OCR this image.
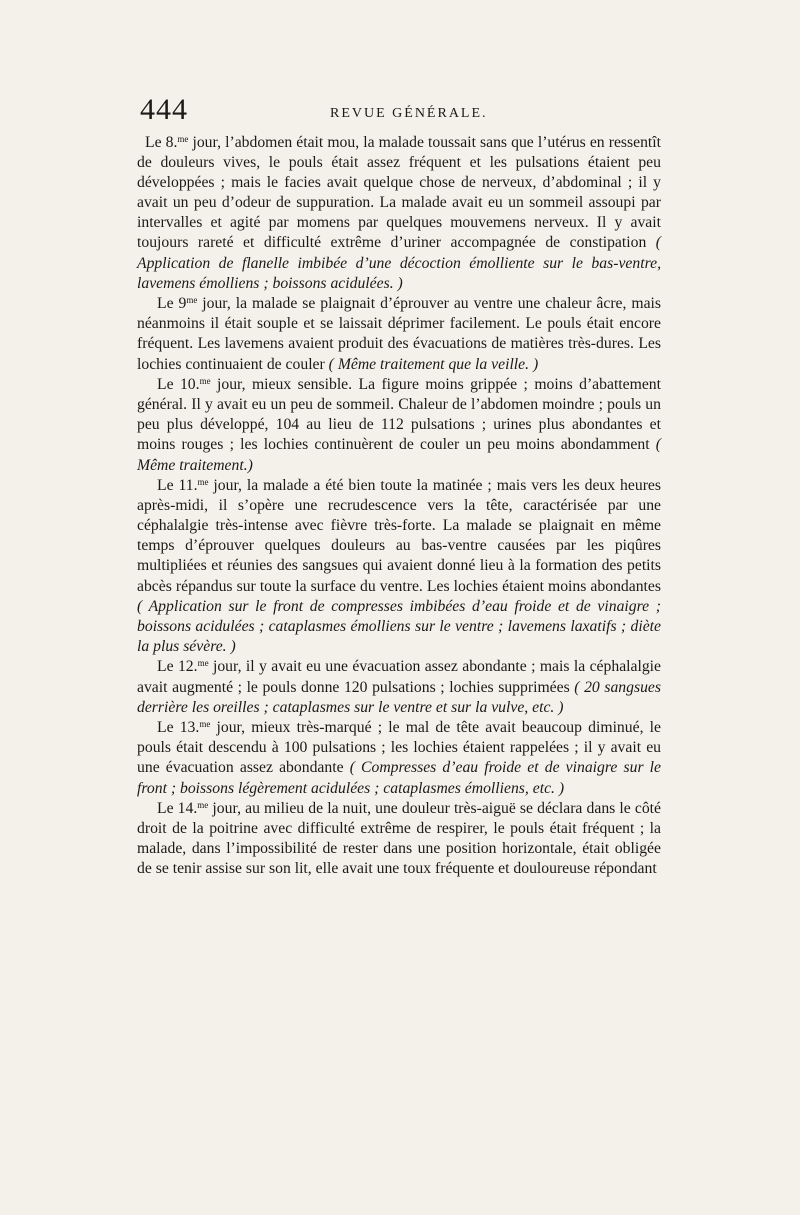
444	REVUE GÉNÉRALE.

Le 8.$^{me}$ jour, l’abdomen était mou, la malade toussait sans que l’utérus en ressentît de douleurs vives, le pouls était assez fréquent et les pulsations étaient peu développées ; mais le facies avait quelque chose de nerveux, d’abdominal ; il y avait un peu d’odeur de suppuration. La malade avait eu un sommeil assoupi par intervalles et agité par momens par quelques mouvemens nerveux. Il y avait toujours rareté et difficulté extrême d’uriner accompagnée de constipation ( Application de flanelle imbibée d’une décoction émolliente sur le bas-ventre, lavemens émolliens ; boissons acidulées. )

Le $9^{me}$ jour, la malade se plaignait d’éprouver au ventre une chaleur âcre, mais néanmoins il était souple et se laissait déprimer facilement. Le pouls était encore fréquent. Les lavemens avaient produit des évacuations de matières très-dures. Les lochies continuaient de couler ( Même traitement que la veille. )

Le 10.$^{me}$ jour, mieux sensible. La figure moins grippée ; moins d’abattement général. Il y avait eu un peu de sommeil. Chaleur de l’abdomen moindre ; pouls un peu plus développé, 104 au lieu de 112 pulsations ; urines plus abondantes et moins rouges ; les lochies continuèrent de couler un peu moins abondamment ( Même traitement.)

Le 11.$^{me}$ jour, la malade a été bien toute la matinée ; mais vers les deux heures après-midi, il s’opère une recrudescence vers la tête, caractérisée par une céphalalgie très-intense avec fièvre très-forte. La malade se plaignait en même temps d’éprouver quelques douleurs au bas-ventre causées par les piqûres multipliées et réunies des sangsues qui avaient donné lieu à la formation des petits abcès répandus sur toute la surface du ventre. Les lochies étaient moins abondantes ( Application sur le front de compresses imbibées d’eau froide et de vinaigre ; boissons acidulées ; cataplasmes émolliens sur le ventre ; lavemens laxatifs ; diète la plus sévère. )

Le 12.$^{me}$ jour, il y avait eu une évacuation assez abondante ; mais la céphalalgie avait augmenté ; le pouls donne 120 pulsations ; lochies supprimées ( 20 sangsues derrière les oreilles ; cataplasmes sur le ventre et sur la vulve, etc. )

Le 13.$^{me}$ jour, mieux très-marqué ; le mal de tête avait beaucoup diminué, le pouls était descendu à 100 pulsations ; les lochies étaient rappelées ; il y avait eu une évacuation assez abondante ( Compresses d’eau froide et de vinaigre sur le front ; boissons légèrement acidulées ; cataplasmes émolliens, etc. )

Le 14.$^{me}$ jour, au milieu de la nuit, une douleur très-aiguë se déclara dans le côté droit de la poitrine avec difficulté extrême de respirer, le pouls était fréquent ; la malade, dans l’impossibilité de rester dans une position horizontale, était obligée de se tenir assise sur son lit, elle avait une toux fréquente et douloureuse répondant
